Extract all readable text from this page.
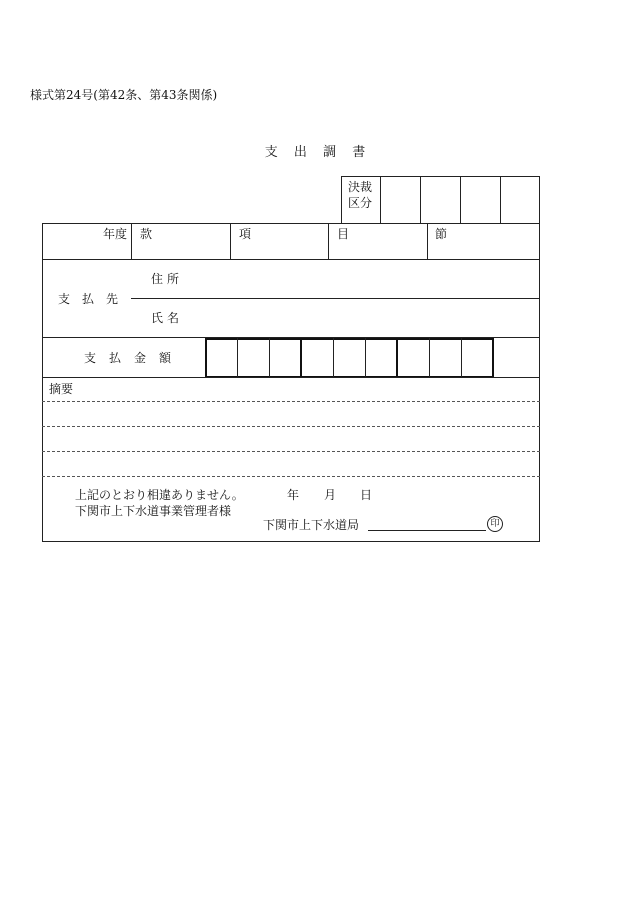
様式第24号(第42条、第43条関係)
支 出 調 書
決裁
区分
年度 款	項	目	節
支 払 先
住所
氏名
支 払 金 額
摘要
上記のとおり相違ありません。	年 月 日
下関市上下水道事業管理者様
下関市上下水道局	印
